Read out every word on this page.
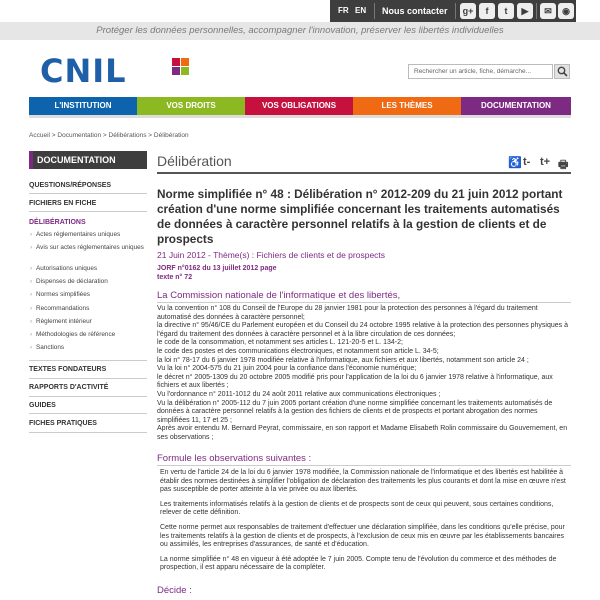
FR EN Nous contacter g+	f	t	▶	✉	◉
Protéger les données personnelles, accompagner l'innovation, préserver les libertés individuelles
CNIL	Rechercher un article, fiche, démarche...
L'INSTITUTION	VOS DROITS	VOS OBLIGATIONS	LES THÈMES	DOCUMENTATION
Accueil > Documentation > Délibérations > Délibération
DOCUMENTATION
QUESTIONS/RÉPONSES
FICHIERS EN FICHE
DÉLIBÉRATIONS
› Actes réglementaires uniques
› Avis sur actes réglementaires uniques
› Autorisations uniques
› Dispenses de déclaration
› Normes simplifiées
› Recommandations
› Règlement intérieur
› Méthodologies de référence
› Sanctions
TEXTES FONDATEURS
RAPPORTS D'ACTIVITÉ
GUIDES
FICHES PRATIQUES
Délibération	♿ t- t+ 🖶
Norme simplifiée n° 48 : Délibération n° 2012-209 du 21 juin 2012 portant création d'une norme simplifiée concernant les traitements automatisés de données à caractère personnel relatifs à la gestion de clients et de prospects
21 Juin 2012 - Thème(s) : Fichiers de clients et de prospects
JORF n°0162 du 13 juillet 2012 page
texte n° 72
La Commission nationale de l'informatique et des libertés,
Vu la convention n° 108 du Conseil de l'Europe du 28 janvier 1981 pour la protection des personnes à l'égard du traitement automatisé des données à caractère personnel;
la directive n° 95/46/CE du Parlement européen et du Conseil du 24 octobre 1995 relative à la protection des personnes physiques à l'égard du traitement des données à caractère personnel et à la libre circulation de ces données;
le code de la consommation, et notamment ses articles L. 121-20-5 et L. 134-2;
le code des postes et des communications électroniques, et notamment son article L. 34-5;
la loi n° 78-17 du 6 janvier 1978 modifiée relative à l'informatique, aux fichiers et aux libertés, notamment son article 24 ;
Vu la loi n° 2004-575 du 21 juin 2004 pour la confiance dans l'économie numérique;
le décret n° 2005-1309 du 20 octobre 2005 modifié pris pour l'application de la loi du 6 janvier 1978 relative à l'informatique, aux fichiers et aux libertés ;
Vu l'ordonnance n° 2011-1012 du 24 août 2011 relative aux communications électroniques ;
Vu la délibération n° 2005-112 du 7 juin 2005 portant création d'une norme simplifiée concernant les traitements automatisés de données à caractère personnel relatifs à la gestion des fichiers de clients et de prospects et portant abrogation des normes simplifiées 11, 17 et 25 ;
Après avoir entendu M. Bernard Peyrat, commissaire, en son rapport et Madame Elisabeth Rolin commissaire du Gouvernement, en ses observations ;
Formule les observations suivantes :
En vertu de l'article 24 de la loi du 6 janvier 1978 modifiée, la Commission nationale de l'informatique et des libertés est habilitée à établir des normes destinées à simplifier l'obligation de déclaration des traitements les plus courants et dont la mise en œuvre n'est pas susceptible de porter atteinte à la vie privée ou aux libertés.
Les traitements informatisés relatifs à la gestion de clients et de prospects sont de ceux qui peuvent, sous certaines conditions, relever de cette définition.
Cette norme permet aux responsables de traitement d'effectuer une déclaration simplifiée, dans les conditions qu'elle précise, pour les traitements relatifs à la gestion de clients et de prospects, à l'exclusion de ceux mis en œuvre par les établissements bancaires ou assimilés, les entreprises d'assurances, de santé et d'éducation.
La norme simplifiée n° 48 en vigueur à été adoptée le 7 juin 2005. Compte tenu de l'évolution du commerce et des méthodes de prospection, il est apparu nécessaire de la compléter.
Décide :
